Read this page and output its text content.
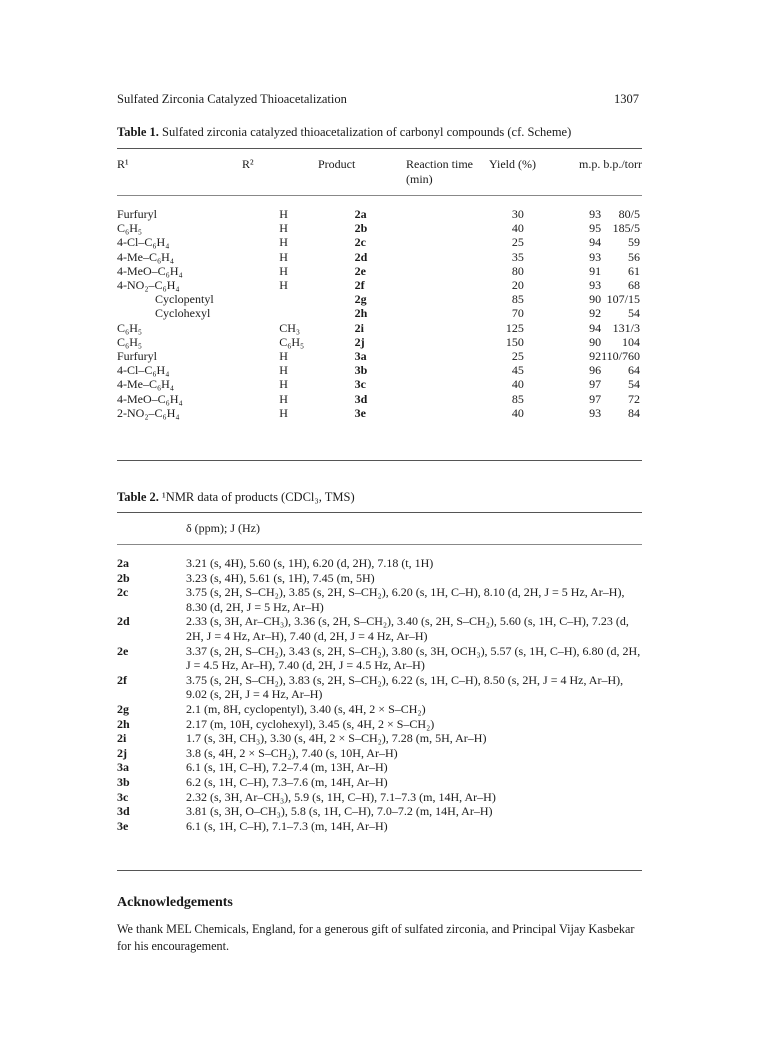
Sulfated Zirconia Catalyzed Thioacetalization	1307
Table 1. Sulfated zirconia catalyzed thioacetalization of carbonyl compounds (cf. Scheme)
R¹	R²	Product	Reaction time (min)	Yield (%)	m.p. b.p./torr
Furfuryl	H	2a	30	93	80/5
C₆H₅	H	2b	40	95	185/5
4-Cl–C₆H₄	H	2c	25	94	59
4-Me–C₆H₄	H	2d	35	93	56
4-MeO–C₆H₄	H	2e	80	91	61
4-NO₂–C₆H₄	H	2f	20	93	68
Cyclopentyl		2g	85	90	107/15
Cyclohexyl		2h	70	92	54
C₆H₅	CH₃	2i	125	94	131/3
C₆H₅	C₆H₅	2j	150	90	104
Furfuryl	H	3a	25	92	110/760
4-Cl–C₆H₄	H	3b	45	96	64
4-Me–C₆H₄	H	3c	40	97	54
4-MeO–C₆H₄	H	3d	85	97	72
2-NO₂–C₆H₄	H	3e	40	93	84
Table 2. ¹NMR data of products (CDCl₃, TMS)
δ (ppm); J (Hz)
2a	3.21 (s, 4H), 5.60 (s, 1H), 6.20 (d, 2H), 7.18 (t, 1H)
2b	3.23 (s, 4H), 5.61 (s, 1H), 7.45 (m, 5H)
2c	3.75 (s, 2H, S–CH₂), 3.85 (s, 2H, S–CH₂), 6.20 (s, 1H, C–H), 8.10 (d, 2H, J = 5 Hz, Ar–H), 8.30 (d, 2H, J = 5 Hz, Ar–H)
2d	2.33 (s, 3H, Ar–CH₃), 3.36 (s, 2H, S–CH₂), 3.40 (s, 2H, S–CH₂), 5.60 (s, 1H, C–H), 7.23 (d, 2H, J = 4 Hz, Ar–H), 7.40 (d, 2H, J = 4 Hz, Ar–H)
2e	3.37 (s, 2H, S–CH₂), 3.43 (s, 2H, S–CH₂), 3.80 (s, 3H, OCH₃), 5.57 (s, 1H, C–H), 6.80 (d, 2H, J = 4.5 Hz, Ar–H), 7.40 (d, 2H, J = 4.5 Hz, Ar–H)
2f	3.75 (s, 2H, S–CH₂), 3.83 (s, 2H, S–CH₂), 6.22 (s, 1H, C–H), 8.50 (s, 2H, J = 4 Hz, Ar–H), 9.02 (s, 2H, J = 4 Hz, Ar–H)
2g	2.1 (m, 8H, cyclopentyl), 3.40 (s, 4H, 2 × S–CH₂)
2h	2.17 (m, 10H, cyclohexyl), 3.45 (s, 4H, 2 × S–CH₂)
2i	1.7 (s, 3H, CH₃), 3.30 (s, 4H, 2 × S–CH₂), 7.28 (m, 5H, Ar–H)
2j	3.8 (s, 4H, 2 × S–CH₂), 7.40 (s, 10H, Ar–H)
3a	6.1 (s, 1H, C–H), 7.2–7.4 (m, 13H, Ar–H)
3b	6.2 (s, 1H, C–H), 7.3–7.6 (m, 14H, Ar–H)
3c	2.32 (s, 3H, Ar–CH₃), 5.9 (s, 1H, C–H), 7.1–7.3 (m, 14H, Ar–H)
3d	3.81 (s, 3H, O–CH₃), 5.8 (s, 1H, C–H), 7.0–7.2 (m, 14H, Ar–H)
3e	6.1 (s, 1H, C–H), 7.1–7.3 (m, 14H, Ar–H)
Acknowledgements
We thank MEL Chemicals, England, for a generous gift of sulfated zirconia, and Principal Vijay Kasbekar for his encouragement.
